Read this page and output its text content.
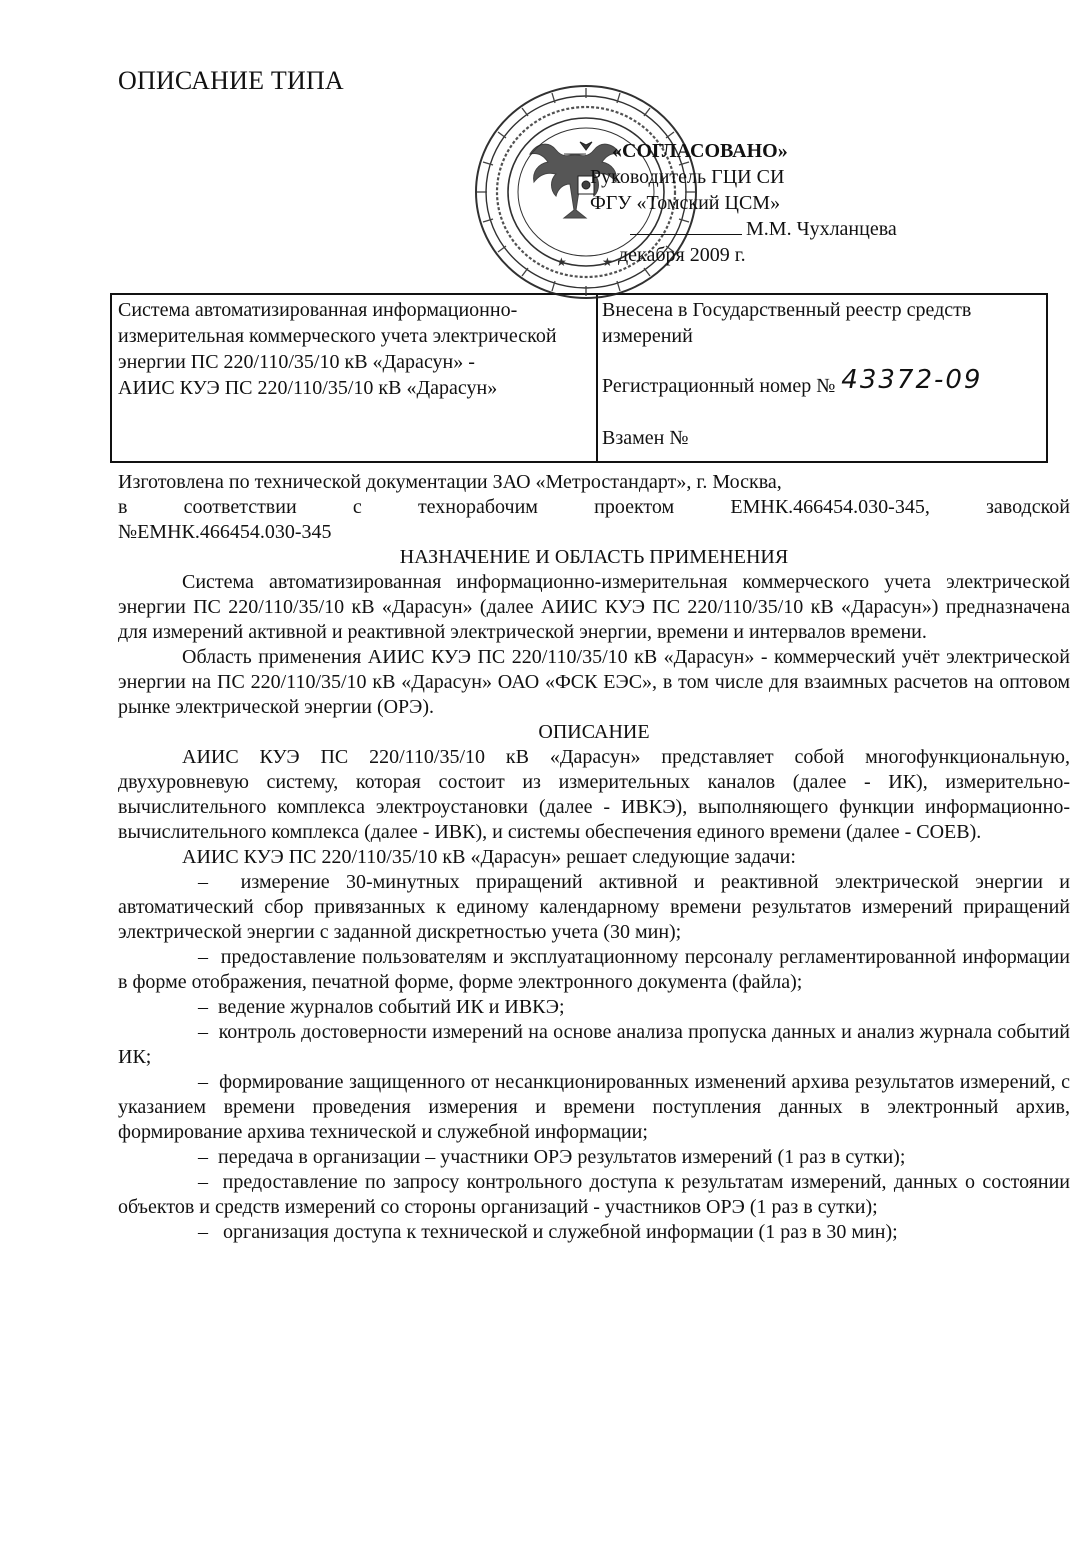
ОПИСАНИЕ ТИПА
★	★
«СОГЛАСОВАНО»
Руководитель ГЦИ СИ
ФГУ «Томский ЦСМ»
М.М. Чухланцева
декабря 2009 г.
Система автоматизированная информационно-измерительная коммерческого учета электрической энергии ПС 220/110/35/10 кВ «Дарасун» -
АИИС КУЭ ПС 220/110/35/10 кВ «Дарасун»
Внесена в Государственный реестр средств измерений
Регистрационный номер № 43372-09
Взамен №

Изготовлена по технической документации ЗАО «Метростандарт», г. Москва,

в соответствии с технорабочим проектом ЕМНК.466454.030-345, заводской

№ЕМНК.466454.030-345

НАЗНАЧЕНИЕ И ОБЛАСТЬ ПРИМЕНЕНИЯ

Система автоматизированная информационно-измерительная коммерческого учета электрической энергии ПС 220/110/35/10 кВ «Дарасун» (далее АИИС КУЭ ПС 220/110/35/10 кВ «Дарасун») предназначена для измерений активной и реактивной электрической энергии, времени и интервалов времени.

Область применения АИИС КУЭ ПС 220/110/35/10 кВ «Дарасун» - коммерческий учёт электрической энергии на ПС 220/110/35/10 кВ «Дарасун» ОАО «ФСК ЕЭС», в том числе для взаимных расчетов на оптовом рынке электрической энергии (ОРЭ).

ОПИСАНИЕ

АИИС КУЭ ПС 220/110/35/10 кВ «Дарасун» представляет собой многофункциональную, двухуровневую систему, которая состоит из измерительных каналов (далее - ИК), измерительно-вычислительного комплекса электроустановки (далее - ИВКЭ), выполняющего функции информационно-вычислительного комплекса (далее - ИВК), и системы обеспечения единого времени (далее - СОЕВ).

АИИС КУЭ ПС 220/110/35/10 кВ «Дарасун» решает следующие задачи:

– измерение 30-минутных приращений активной и реактивной электрической энергии и автоматический сбор привязанных к единому календарному времени результатов измерений приращений электрической энергии с заданной дискретностью учета (30 мин);

– предоставление пользователям и эксплуатационному персоналу регламентированной информации в форме отображения, печатной форме, форме электронного документа (файла);

– ведение журналов событий ИК и ИВКЭ;

– контроль достоверности измерений на основе анализа пропуска данных и анализ журнала событий ИК;

– формирование защищенного от несанкционированных изменений архива результатов измерений, с указанием времени проведения измерения и времени поступления данных в электронный архив, формирование архива технической и служебной информации;

– передача в организации – участники ОРЭ результатов измерений (1 раз в сутки);

– предоставление по запросу контрольного доступа к результатам измерений, данных о состоянии объектов и средств измерений со стороны организаций - участников ОРЭ (1 раз в сутки);

– организация доступа к технической и служебной информации (1 раз в 30 мин);
